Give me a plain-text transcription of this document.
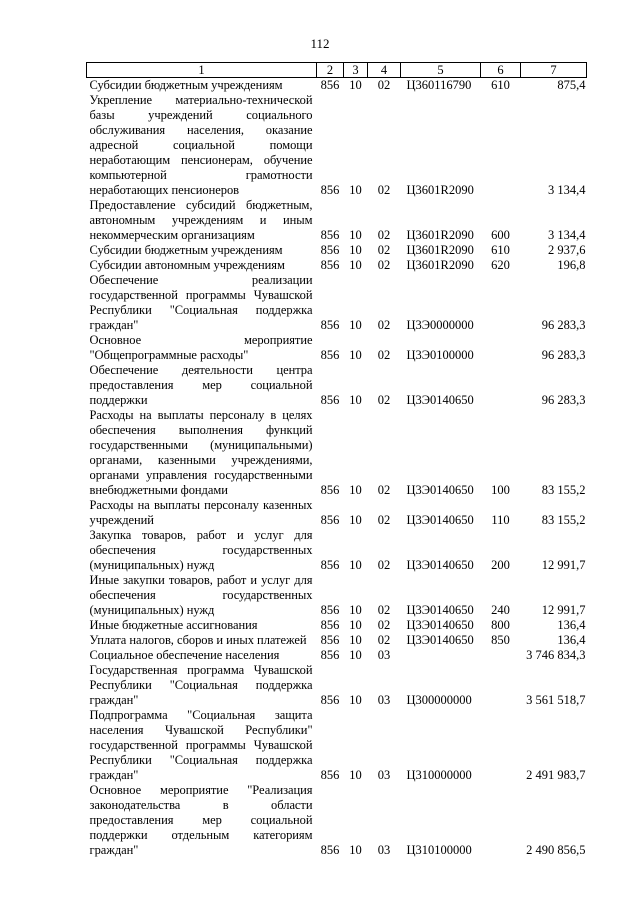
112
1	2	3	4	5	6	7
Субсидии бюджетным учреждениям	856	10	02	Ц360116790	610	875,4
Укрепление материально-технической базы учреждений социального обслуживания населения, оказание адресной социальной помощи неработающим пенсионерам, обучение компьютерной грамотности неработающих пенсионеров	856	10	02	Ц3601R2090		3 134,4
Предоставление субсидий бюджетным, автономным учреждениям и иным некоммерческим организациям	856	10	02	Ц3601R2090	600	3 134,4
Субсидии бюджетным учреждениям	856	10	02	Ц3601R2090	610	2 937,6
Субсидии автономным учреждениям	856	10	02	Ц3601R2090	620	196,8
Обеспечение реализации государственной программы Чувашской Республики "Социальная поддержка граждан"	856	10	02	Ц3Э0000000		96 283,3
Основное мероприятие "Общепрограммные расходы"	856	10	02	Ц3Э0100000		96 283,3
Обеспечение деятельности центра предоставления мер социальной поддержки	856	10	02	Ц3Э0140650		96 283,3
Расходы на выплаты персоналу в целях обеспечения выполнения функций государственными (муниципальными) органами, казенными учреждениями, органами управления государственными внебюджетными фондами	856	10	02	Ц3Э0140650	100	83 155,2
Расходы на выплаты персоналу казенных учреждений	856	10	02	Ц3Э0140650	110	83 155,2
Закупка товаров, работ и услуг для обеспечения государственных (муниципальных) нужд	856	10	02	Ц3Э0140650	200	12 991,7
Иные закупки товаров, работ и услуг для обеспечения государственных (муниципальных) нужд	856	10	02	Ц3Э0140650	240	12 991,7
Иные бюджетные ассигнования	856	10	02	Ц3Э0140650	800	136,4
Уплата налогов, сборов и иных платежей	856	10	02	Ц3Э0140650	850	136,4
Социальное обеспечение населения	856	10	03			3 746 834,3
Государственная программа Чувашской Республики "Социальная поддержка граждан"	856	10	03	Ц300000000		3 561 518,7
Подпрограмма "Социальная защита населения Чувашской Республики" государственной программы Чувашской Республики "Социальная поддержка граждан"	856	10	03	Ц310000000		2 491 983,7
Основное мероприятие "Реализация законодательства в области предоставления мер социальной поддержки отдельным категориям граждан"	856	10	03	Ц310100000		2 490 856,5
